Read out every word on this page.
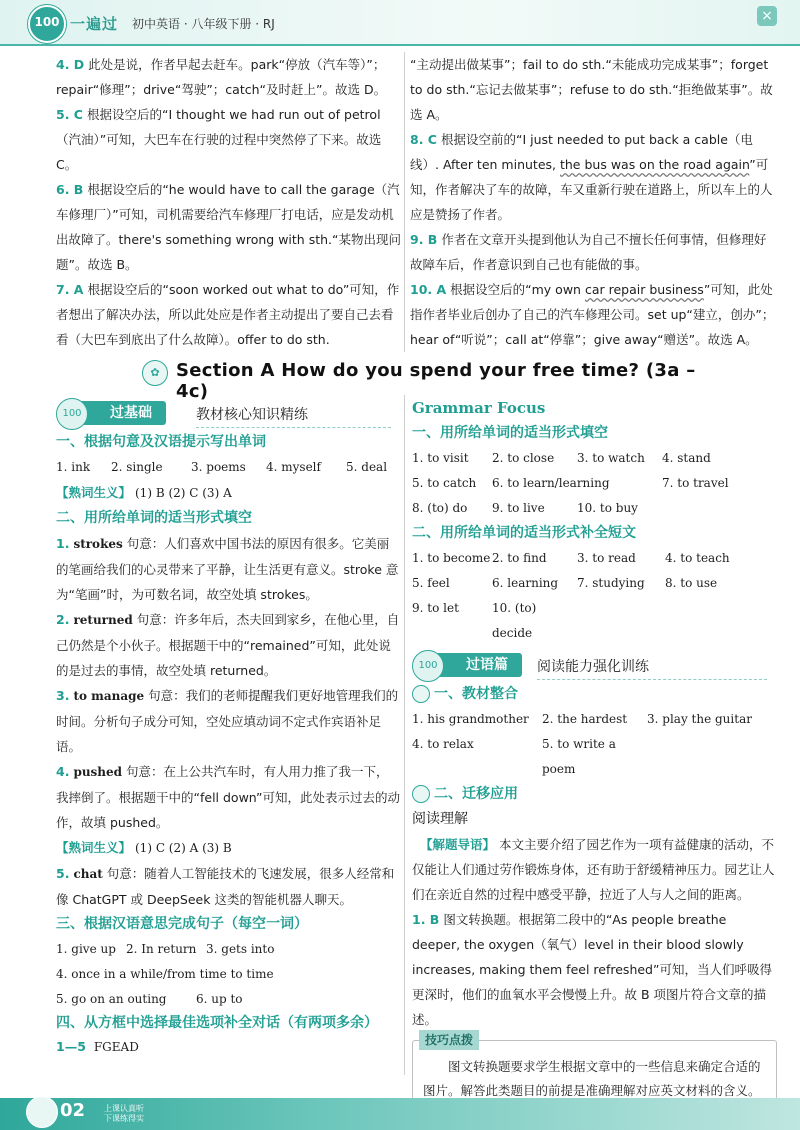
100 一遍过 初中英语 · 八年级下册 · RJ	×
4. D 此处是说，作者早起去赶车。park“停放（汽车等）”；repair“修理”；drive“驾驶”；catch“及时赶上”。故选 D。
5. C 根据设空后的“I thought we had run out of petrol（汽油）”可知，大巴车在行驶的过程中突然停了下来。故选 C。
6. B 根据设空后的“he would have to call the garage（汽车修理厂）”可知，司机需要给汽车修理厂打电话，应是发动机出故障了。there's something wrong with sth.“某物出现问题”。故选 B。
7. A 根据设空后的“soon worked out what to do”可知，作者想出了解决办法，所以此处应是作者主动提出了要自己去看看（大巴车到底出了什么故障）。offer to do sth.
“主动提出做某事”；fail to do sth.“未能成功完成某事”；forget to do sth.“忘记去做某事”；refuse to do sth.“拒绝做某事”。故选 A。
8. C 根据设空前的“I just needed to put back a cable（电线）. After ten minutes, the bus was on the road again”可知，作者解决了车的故障，车又重新行驶在道路上，所以车上的人应是赞扬了作者。
9. B 作者在文章开头提到他认为自己不擅长任何事情，但修理好故障车后，作者意识到自己也有能做的事。
10. A 根据设空后的“my own car repair business”可知，此处指作者毕业后创办了自己的汽车修理公司。set up“建立，创办”；hear of“听说”；call at“停靠”；give away“赠送”。故选 A。
✿ Section A How do you spend your free time? (3a – 4c)
100	过基础	教材核心知识精练
一、根据句意及汉语提示写出单词
1. ink	2. single	3. poems	4. myself	5. deal
【熟词生义】 (1) B (2) C (3) A
二、用所给单词的适当形式填空
1. strokes 句意：人们喜欢中国书法的原因有很多。它美丽的笔画给我们的心灵带来了平静，让生活更有意义。stroke 意为“笔画”时，为可数名词，故空处填 strokes。
2. returned 句意：许多年后，杰夫回到家乡，在他心里，自己仍然是个小伙子。根据题干中的“remained”可知，此处说的是过去的事情，故空处填 returned。
3. to manage 句意：我们的老师提醒我们更好地管理我们的时间。分析句子成分可知，空处应填动词不定式作宾语补足语。
4. pushed 句意：在上公共汽车时，有人用力推了我一下，我摔倒了。根据题干中的“fell down”可知，此处表示过去的动作，故填 pushed。
【熟词生义】 (1) C (2) A (3) B
5. chat 句意：随着人工智能技术的飞速发展，很多人经常和像 ChatGPT 或 DeepSeek 这类的智能机器人聊天。
三、根据汉语意思完成句子（每空一词）
1. give up 2. In return 3. gets into
4. once in a while/from time to time
5. go on an outing	6. up to
四、从方框中选择最佳选项补全对话（有两项多余）
1—5 FGEAD
Grammar Focus
一、用所给单词的适当形式填空
1. to visit	2. to close	3. to watch	4. stand
5. to catch	6. to learn/learning	7. to travel
8. (to) do	9. to live	10. to buy
二、用所给单词的适当形式补全短文
1. to become 2. to find	3. to read	4. to teach
5. feel	6. learning	7. studying	8. to use
9. to let	10. (to) decide
100	过语篇	阅读能力强化训练
一、教材整合
1. his grandmother	2. the hardest	3. play the guitar
4. to relax	5. to write a poem
二、迁移应用
阅读理解
【解题导语】 本文主要介绍了园艺作为一项有益健康的活动，不仅能让人们通过劳作锻炼身体，还有助于舒缓精神压力。园艺让人们在亲近自然的过程中感受平静，拉近了人与人之间的距离。
1. B 图文转换题。根据第二段中的“As people breathe deeper, the oxygen（氧气）level in their blood slowly increases, making them feel refreshed”可知，当人们呼吸得更深时，他们的血氧水平会慢慢上升。故 B 项图片符合文章的描述。
技巧点拨
图文转换题要求学生根据文章中的一些信息来确定合适的图片。解答此类题目的前提是准确理解对应英文材料的含义。
02 上课认真听
下课练得实
